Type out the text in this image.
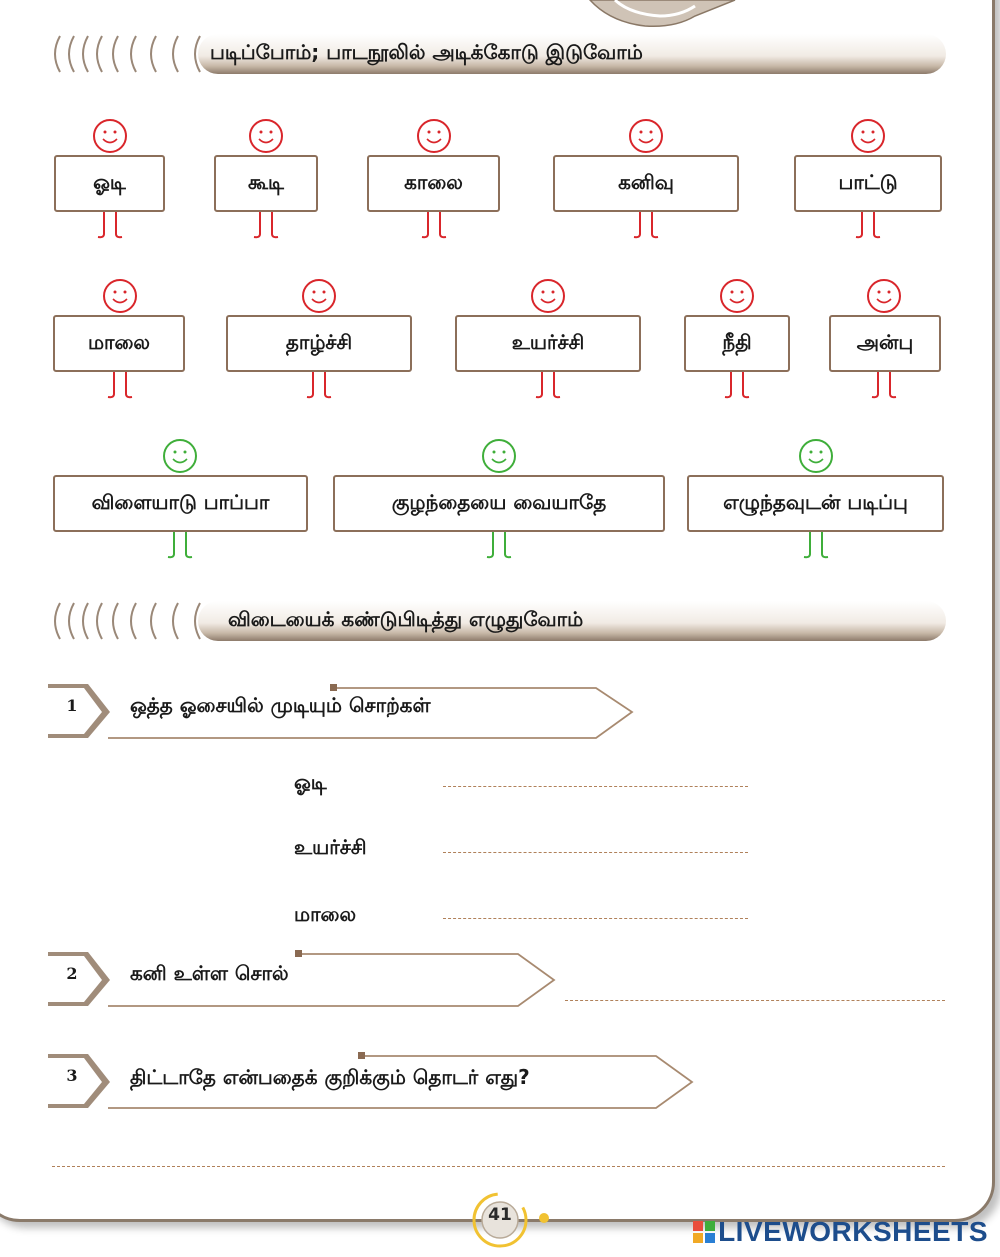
படிப்போம்; பாடநூலில் அடிக்கோடு இடுவோம்
ஓடி	கூடி	காலை	கனிவு	பாட்டு
மாலை	தாழ்ச்சி	உயர்ச்சி	நீதி	அன்பு
விளையாடு பாப்பா	குழந்தையை வையாதே	எழுந்தவுடன் படிப்பு
விடையைக் கண்டுபிடித்து எழுதுவோம்
1	ஒத்த ஓசையில் முடியும் சொற்கள்
ஓடி
உயர்ச்சி
மாலை
2	கனி உள்ள சொல்
3	திட்டாதே என்பதைக் குறிக்கும் தொடர் எது?
41
LIVEWORKSHEETS
